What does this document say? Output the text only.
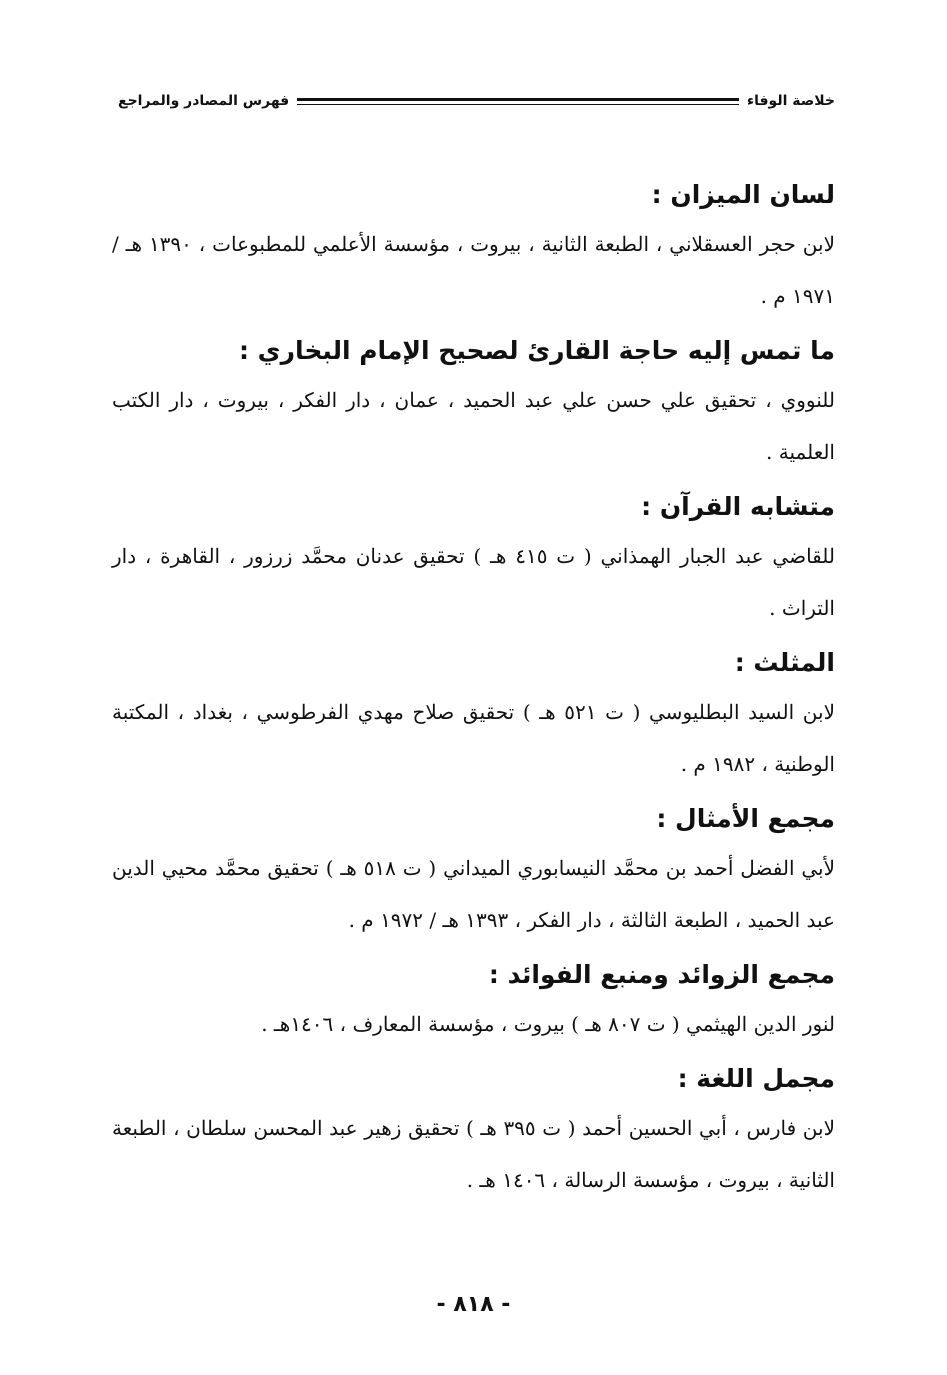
خلاصة الوفاء
فهرس المصادر والمراجع

لسان الميزان :

لابن حجر العسقلاني ، الطبعة الثانية ، بيروت ، مؤسسة الأعلمي للمطبوعات ، ١٣٩٠ هـ / ١٩٧١ م .

ما تمس إليه حاجة القارئ لصحيح الإمام البخاري :

للنووي ، تحقيق علي حسن علي عبد الحميد ، عمان ، دار الفكر ، بيروت ، دار الكتب العلمية .

متشابه القرآن :

للقاضي عبد الجبار الهمذاني ( ت ٤١٥ هـ ) تحقيق عدنان محمَّد زرزور ، القاهرة ، دار التراث .

المثلث :

لابن السيد البطليوسي ( ت ٥٢١ هـ ) تحقيق صلاح مهدي الفرطوسي ، بغداد ، المكتبة الوطنية ، ١٩٨٢ م .

مجمع الأمثال :

لأبي الفضل أحمد بن محمَّد النيسابوري الميداني ( ت ٥١٨ هـ ) تحقيق محمَّد محيي الدين عبد الحميد ، الطبعة الثالثة ، دار الفكر ، ١٣٩٣ هـ / ١٩٧٢ م .

مجمع الزوائد ومنبع الفوائد :

لنور الدين الهيثمي ( ت ٨٠٧ هـ ) بيروت ، مؤسسة المعارف ، ١٤٠٦هـ .

مجمل اللغة :

لابن فارس ، أبي الحسين أحمد ( ت ٣٩٥ هـ ) تحقيق زهير عبد المحسن سلطان ، الطبعة الثانية ، بيروت ، مؤسسة الرسالة ، ١٤٠٦ هـ .

- ٨١٨ -
